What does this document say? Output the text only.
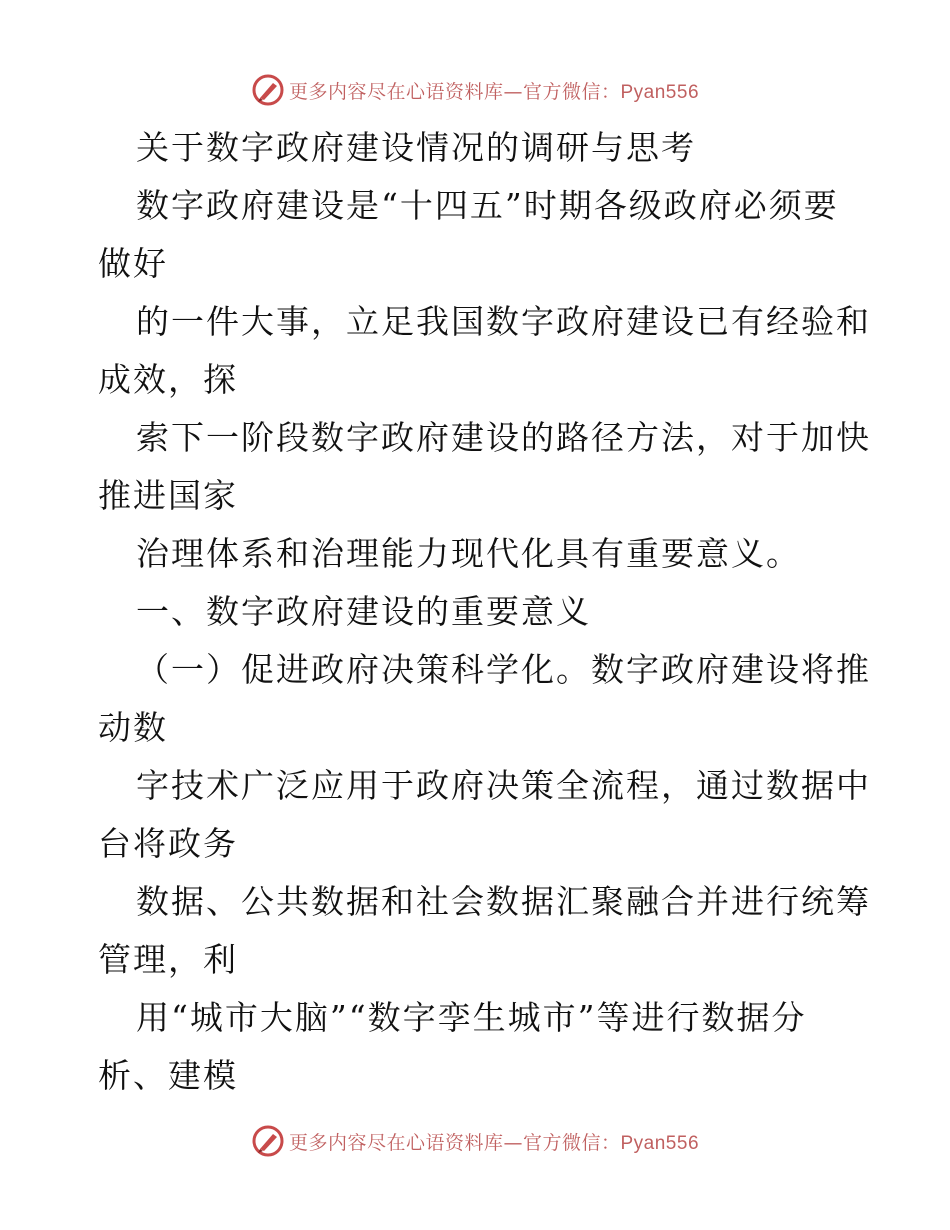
更多内容尽在心语资料库—官方微信：Pyan556
关于数字政府建设情况的调研与思考
数字政府建设是“十四五”时期各级政府必须要
做好
的一件大事，立足我国数字政府建设已有经验和
成效，探
索下一阶段数字政府建设的路径方法，对于加快
推进国家
治理体系和治理能力现代化具有重要意义。
一、数字政府建设的重要意义
（一）促进政府决策科学化。数字政府建设将推
动数
字技术广泛应用于政府决策全流程，通过数据中
台将政务
数据、公共数据和社会数据汇聚融合并进行统筹
管理，利
用“城市大脑”“数字孪生城市”等进行数据分
析、建模
更多内容尽在心语资料库—官方微信：Pyan556
